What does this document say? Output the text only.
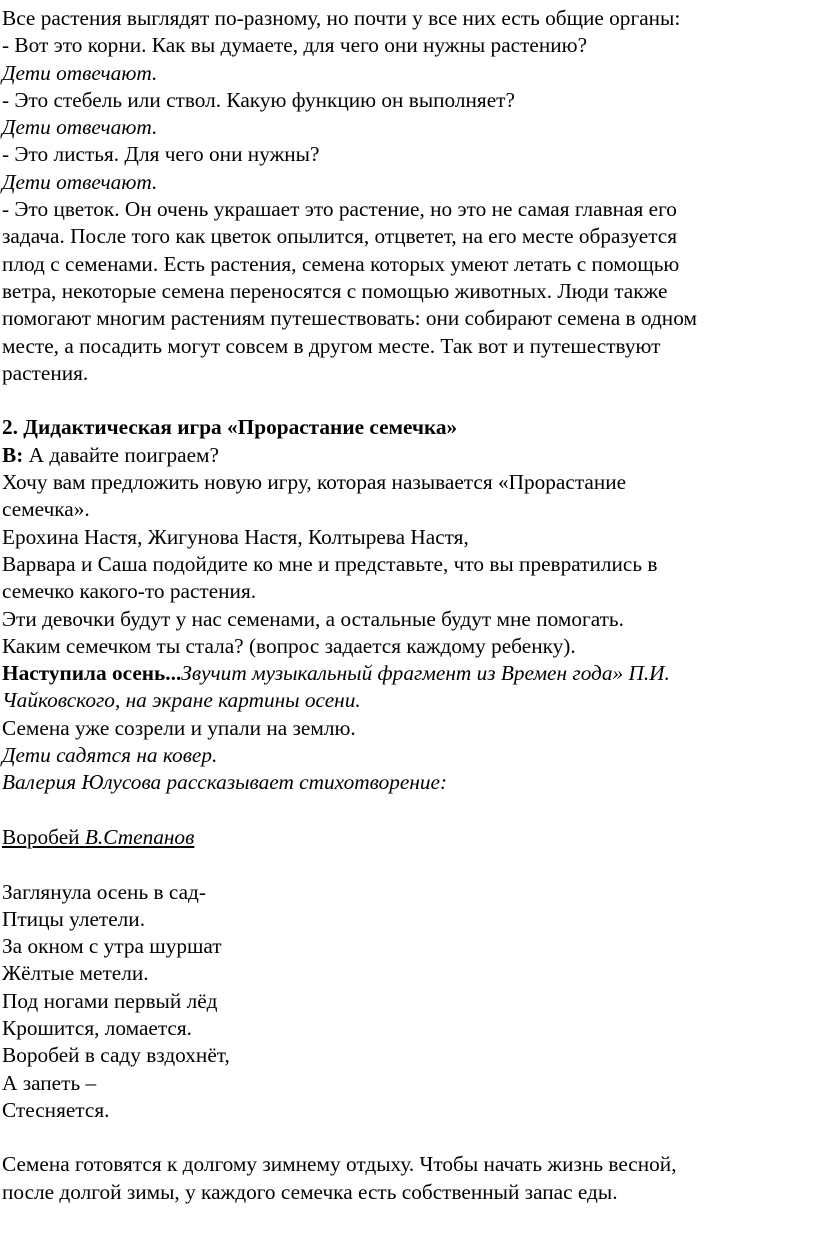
Все растения выглядят по-разному, но почти у все них есть общие органы:
- Вот это корни. Как вы думаете, для чего они нужны растению?
Дети отвечают.
- Это стебель или ствол. Какую функцию он выполняет?
Дети отвечают.
- Это листья. Для чего они нужны?
Дети отвечают.
- Это цветок. Он очень украшает это растение, но это не самая главная его
задача. После того как цветок опылится, отцветет, на его месте образуется
плод с семенами. Есть растения, семена которых умеют летать с помощью
ветра, некоторые семена переносятся с помощью животных. Люди также
помогают многим растениям путешествовать: они собирают семена в одном
месте, а посадить могут совсем в другом месте. Так вот и путешествуют
растения.
2. Дидактическая игра «Прорастание семечка»
В: А давайте поиграем?
Хочу вам предложить новую игру, которая называется «Прорастание
семечка».
Ерохина Настя, Жигунова Настя, Колтырева Настя,
Варвара и Саша подойдите ко мне и представьте, что вы превратились в
семечко какого-то растения.
Эти девочки будут у нас семенами, а остальные будут мне помогать.
Каким семечком ты стала? (вопрос задается каждому ребенку).
Наступила осень...Звучит музыкальный фрагмент из Времен года» П.И.
Чайковского, на экране картины осени.
Семена уже созрели и упали на землю.
Дети садятся на ковер.
Валерия Юлусова рассказывает стихотворение:
Воробей В.Степанов
Заглянула осень в сад-
Птицы улетели.
За окном с утра шуршат
Жёлтые метели.
Под ногами первый лёд
Крошится, ломается.
Воробей в саду вздохнёт,
А запеть –
Стесняется.
Семена готовятся к долгому зимнему отдыху. Чтобы начать жизнь весной,
после долгой зимы, у каждого семечка есть собственный запас еды.
